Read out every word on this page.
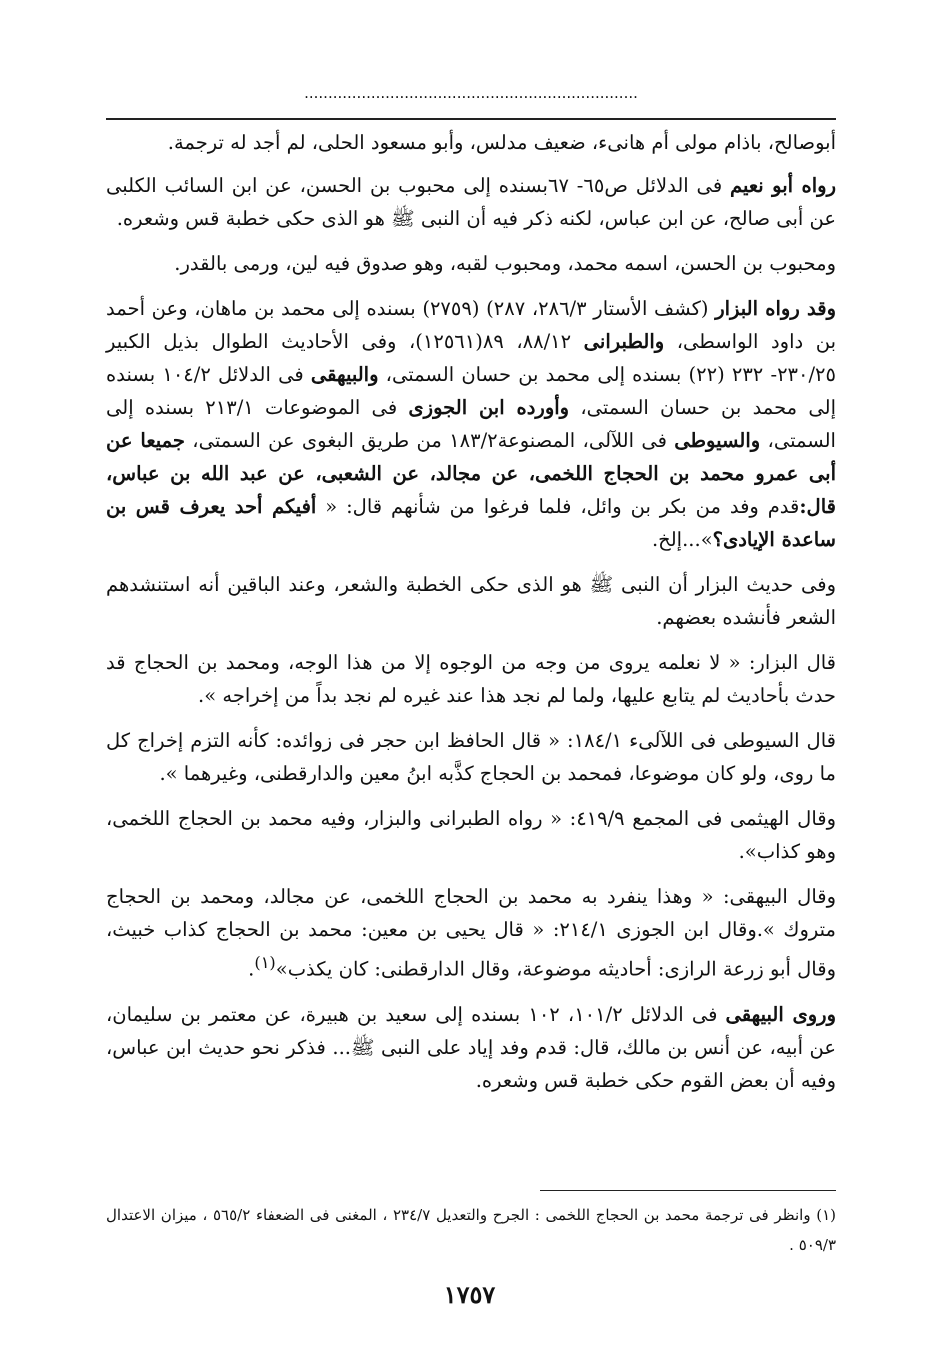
......................................................................

أبوصالح، باذام مولى أم هانىء، ضعيف مدلس، وأبو مسعود الحلى، لم أجد له ترجمة.

رواه أبو نعيم فى الدلائل ص٦٥- ٦٧بسنده إلى محبوب بن الحسن، عن ابن السائب الكلبى عن أبى صالح، عن ابن عباس، لكنه ذكر فيه أن النبى ﷺ هو الذى حكى خطبة قس وشعره.

ومحبوب بن الحسن، اسمه محمد، ومحبوب لقبه، وهو صدوق فيه لين، ورمى بالقدر.

وقد رواه البزار (كشف الأستار ٢٨٦/٣، ٢٨٧) (٢٧٥٩) بسنده إلى محمد بن ماهان، وعن أحمد بن داود الواسطى، والطبرانى ٨٨/١٢، ٨٩(١٢٥٦١)، وفى الأحاديث الطوال بذيل الكبير ٢٣٠/٢٥- ٢٣٢ (٢٢) بسنده إلى محمد بن حسان السمتى، والبيهقى فى الدلائل ١٠٤/٢ بسنده إلى محمد بن حسان السمتى، وأورده ابن الجوزى فى الموضوعات ٢١٣/١ بسنده إلى السمتى، والسيوطى فى اللآلى، المصنوعة١٨٣/٢ من طريق البغوى عن السمتى، جميعا عن أبى عمرو محمد بن الحجاج اللخمى، عن مجالد، عن الشعبى، عن عبد الله بن عباس، قال:قدم وفد من بكر بن وائل، فلما فرغوا من شأنهم قال: « أفيكم أحد يعرف قس بن ساعدة الإيادى؟»...إلخ.

وفى حديث البزار أن النبى ﷺ هو الذى حكى الخطبة والشعر، وعند الباقين أنه استنشدهم الشعر فأنشده بعضهم.

قال البزار: « لا نعلمه يروى من وجه من الوجوه إلا من هذا الوجه، ومحمد بن الحجاج قد حدث بأحاديث لم يتابع عليها، ولما لم نجد هذا عند غيره لم نجد بداً من إخراجه ».

قال السيوطى فى اللآلىء ١٨٤/١: « قال الحافظ ابن حجر فى زوائده: كأنه التزم إخراج كل ما روى، ولو كان موضوعا، فمحمد بن الحجاج كذَّبه ابنُ معين والدارقطنى، وغيرهما ».

وقال الهيثمى فى المجمع ٤١٩/٩: « رواه الطبرانى والبزار، وفيه محمد بن الحجاج اللخمى، وهو كذاب».

وقال البيهقى: « وهذا ينفرد به محمد بن الحجاج اللخمى، عن مجالد، ومحمد بن الحجاج متروك ».وقال ابن الجوزى ٢١٤/١: « قال يحيى بن معين: محمد بن الحجاج كذاب خبيث، وقال أبو زرعة الرازى: أحاديثه موضوعة، وقال الدارقطنى: كان يكذب»$^{(١)}$.

وروى البيهقى فى الدلائل ١٠١/٢، ١٠٢ بسنده إلى سعيد بن هبيرة، عن معتمر بن سليمان، عن أبيه، عن أنس بن مالك، قال: قدم وفد إياد على النبى ﷺ... فذكر نحو حديث ابن عباس، وفيه أن بعض القوم حكى خطبة قس وشعره.

(١) وانظر فى ترجمة محمد بن الحجاج اللخمى : الجرح والتعديل ٢٣٤/٧ ، المغنى فى الضعفاء ٥٦٥/٢ ، ميزان الاعتدال ٥٠٩/٣ .
١٧٥٧
